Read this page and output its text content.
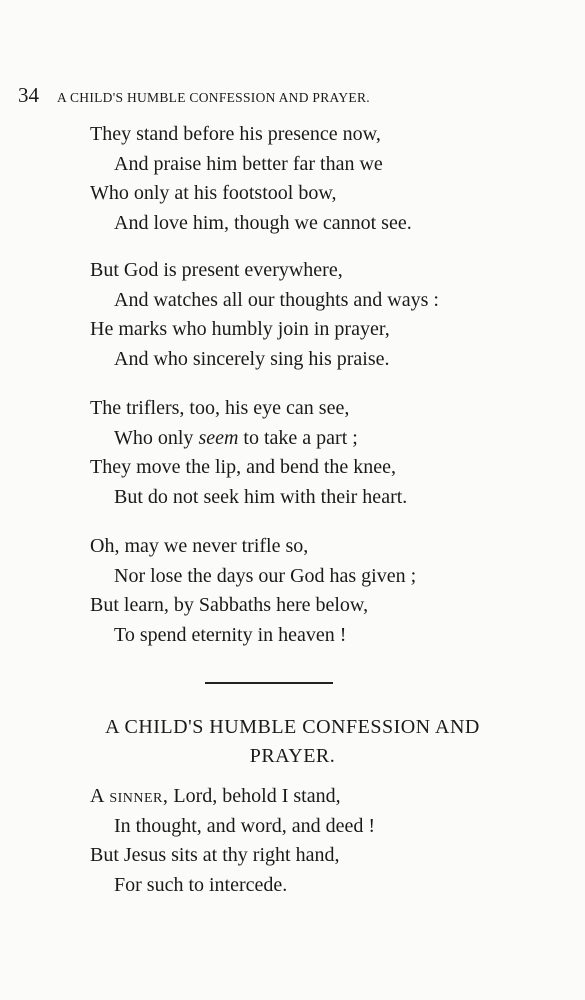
34 A CHILD'S HUMBLE CONFESSION AND PRAYER.
They stand before his presence now,
And praise him better far than we
Who only at his footstool bow,
And love him, though we cannot see.
But God is present everywhere,
And watches all our thoughts and ways :
He marks who humbly join in prayer,
And who sincerely sing his praise.
The triflers, too, his eye can see,
Who only seem to take a part ;
They move the lip, and bend the knee,
But do not seek him with their heart.
Oh, may we never trifle so,
Nor lose the days our God has given ;
But learn, by Sabbaths here below,
To spend eternity in heaven !
A CHILD'S HUMBLE CONFESSION AND
PRAYER.
A sinner, Lord, behold I stand,
In thought, and word, and deed !
But Jesus sits at thy right hand,
For such to intercede.
